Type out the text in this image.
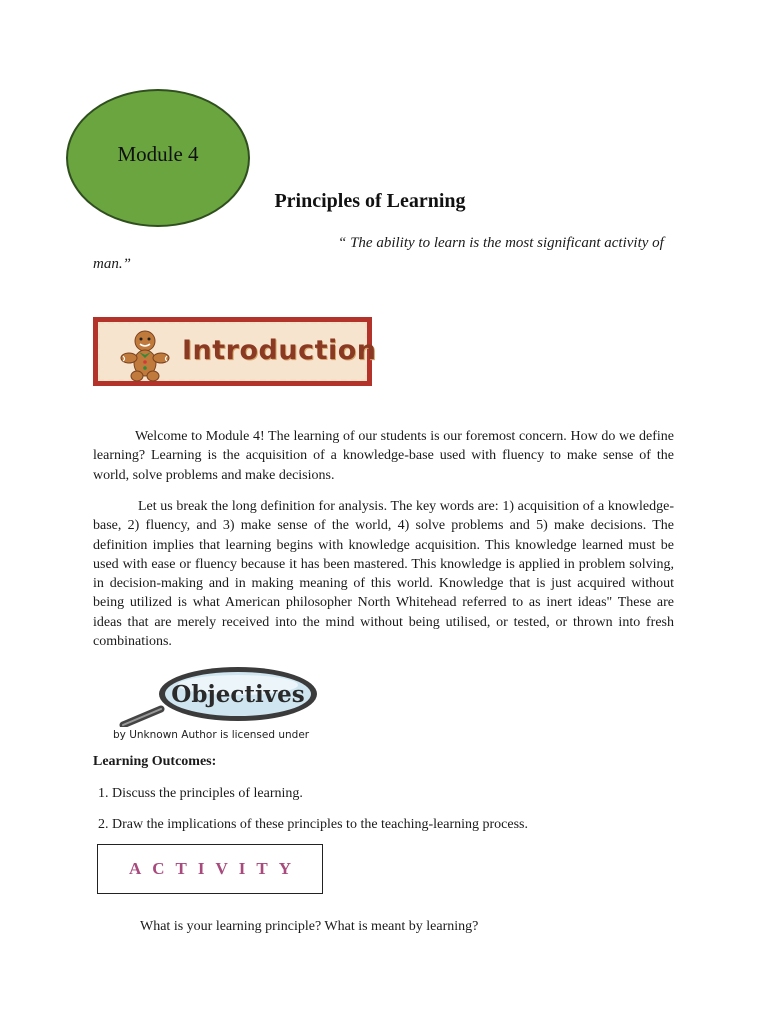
Module 4
Principles of Learning
“ The ability to learn is the most significant activity of
man.”
Introduction
Welcome to Module 4! The learning of our students is our foremost concern. How do we define learning? Learning is the acquisition of a knowledge-base used with fluency to make sense of the world, solve problems and make decisions.
Let us break the long definition for analysis. The key words are: 1) acquisition of a knowledge-base, 2) fluency, and 3) make sense of the world, 4) solve problems and 5) make decisions. The definition implies that learning begins with knowledge acquisition. This knowledge learned must be used with ease or fluency because it has been mastered. This knowledge is applied in problem solving, in decision-making and in making meaning of this world. Knowledge that is just acquired without being utilized is what American philosopher North Whitehead referred to as inert ideas" These are ideas that are merely received into the mind without being utilised, or tested, or thrown into fresh combinations.
Objectives
by Unknown Author is licensed under
Learning Outcomes:
1. Discuss the principles of learning.
2. Draw the implications of these principles to the teaching-learning process.
ACTIVITY
What is your learning principle? What is meant by learning?
